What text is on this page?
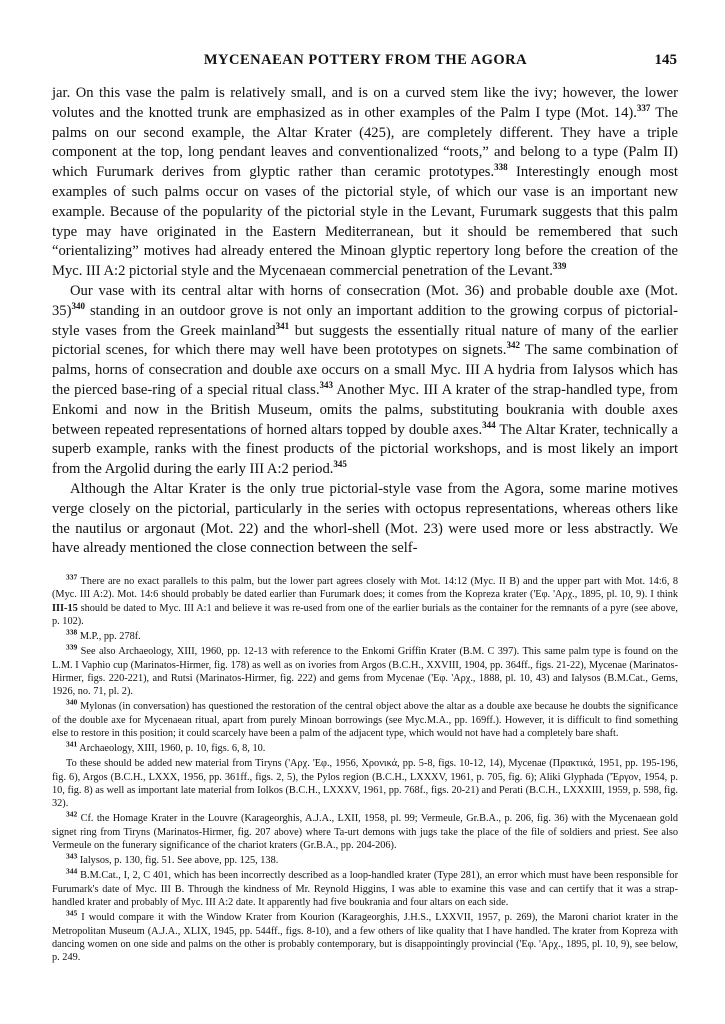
MYCENAEAN POTTERY FROM THE AGORA	145

jar. On this vase the palm is relatively small, and is on a curved stem like the ivy; however, the lower volutes and the knotted trunk are emphasized as in other examples of the Palm I type (Mot. 14).$^{337}$ The palms on our second example, the Altar Krater (425), are completely different. They have a triple component at the top, long pendant leaves and conventionalized “roots,” and belong to a type (Palm II) which Furumark derives from glyptic rather than ceramic prototypes.$^{338}$ Interestingly enough most examples of such palms occur on vases of the pictorial style, of which our vase is an important new example. Because of the popularity of the pictorial style in the Levant, Furumark suggests that this palm type may have originated in the Eastern Mediterranean, but it should be remembered that such “orientalizing” motives had already entered the Minoan glyptic repertory long before the creation of the Myc. III A:2 pictorial style and the Mycenaean commercial penetration of the Levant.$^{339}$

Our vase with its central altar with horns of consecration (Mot. 36) and probable double axe (Mot. 35)$^{340}$ standing in an outdoor grove is not only an important addition to the growing corpus of pictorial-style vases from the Greek mainland$^{341}$ but suggests the essentially ritual nature of many of the earlier pictorial scenes, for which there may well have been prototypes on signets.$^{342}$ The same combination of palms, horns of consecration and double axe occurs on a small Myc. III A hydria from Ialysos which has the pierced base-ring of a special ritual class.$^{343}$ Another Myc. III A krater of the strap-handled type, from Enkomi and now in the British Museum, omits the palms, substituting boukrania with double axes between repeated representations of horned altars topped by double axes.$^{344}$ The Altar Krater, technically a superb example, ranks with the finest products of the pictorial workshops, and is most likely an import from the Argolid during the early III A:2 period.$^{345}$

Although the Altar Krater is the only true pictorial-style vase from the Agora, some marine motives verge closely on the pictorial, particularly in the series with octopus representations, whereas others like the nautilus or argonaut (Mot. 22) and the whorl-shell (Mot. 23) were used more or less abstractly. We have already mentioned the close connection between the self-

$^{337}$ There are no exact parallels to this palm, but the lower part agrees closely with Mot. 14:12 (Myc. II B) and the upper part with Mot. 14:6, 8 (Myc. III A:2). Mot. 14:6 should probably be dated earlier than Furumark does; it comes from the Kopreza krater ('Εφ. 'Αρχ., 1895, pl. 10, 9). I think III-15 should be dated to Myc. III A:1 and believe it was re-used from one of the earlier burials as the container for the remnants of a pyre (see above, p. 102).

$^{338}$ M.P., pp. 278f.

$^{339}$ See also Archaeology, XIII, 1960, pp. 12-13 with reference to the Enkomi Griffin Krater (B.M. C 397). This same palm type is found on the L.M. I Vaphio cup (Marinatos-Hirmer, fig. 178) as well as on ivories from Argos (B.C.H., XXVIII, 1904, pp. 364ff., figs. 21-22), Mycenae (Marinatos-Hirmer, figs. 220-221), and Rutsi (Marinatos-Hirmer, fig. 222) and gems from Mycenae ('Εφ. 'Αρχ., 1888, pl. 10, 43) and Ialysos (B.M.Cat., Gems, 1926, no. 71, pl. 2).

$^{340}$ Mylonas (in conversation) has questioned the restoration of the central object above the altar as a double axe because he doubts the significance of the double axe for Mycenaean ritual, apart from purely Minoan borrowings (see Myc.M.A., pp. 169ff.). However, it is difficult to find something else to restore in this position; it could scarcely have been a palm of the adjacent type, which would not have had a completely bare shaft.

$^{341}$ Archaeology, XIII, 1960, p. 10, figs. 6, 8, 10.

To these should be added new material from Tiryns ('Αρχ. 'Εφ., 1956, Χρονικά, pp. 5-8, figs. 10-12, 14), Mycenae (Πρακτικά, 1951, pp. 195-196, fig. 6), Argos (B.C.H., LXXX, 1956, pp. 361ff., figs. 2, 5), the Pylos region (B.C.H., LXXXV, 1961, p. 705, fig. 6); Aliki Glyphada ('Έργον, 1954, p. 10, fig. 8) as well as important late material from Iolkos (B.C.H., LXXXV, 1961, pp. 768f., figs. 20-21) and Perati (B.C.H., LXXXIII, 1959, p. 598, fig. 32).

$^{342}$ Cf. the Homage Krater in the Louvre (Karageorghis, A.J.A., LXII, 1958, pl. 99; Vermeule, Gr.B.A., p. 206, fig. 36) with the Mycenaean gold signet ring from Tiryns (Marinatos-Hirmer, fig. 207 above) where Ta-urt demons with jugs take the place of the file of soldiers and priest. See also Vermeule on the funerary significance of the chariot kraters (Gr.B.A., pp. 204-206).

$^{343}$ Ialysos, p. 130, fig. 51. See above, pp. 125, 138.

$^{344}$ B.M.Cat., I, 2, C 401, which has been incorrectly described as a loop-handled krater (Type 281), an error which must have been responsible for Furumark's date of Myc. III B. Through the kindness of Mr. Reynold Higgins, I was able to examine this vase and can certify that it was a strap-handled krater and probably of Myc. III A:2 date. It apparently had five boukrania and four altars on each side.

$^{345}$ I would compare it with the Window Krater from Kourion (Karageorghis, J.H.S., LXXVII, 1957, p. 269), the Maroni chariot krater in the Metropolitan Museum (A.J.A., XLIX, 1945, pp. 544ff., figs. 8-10), and a few others of like quality that I have handled. The krater from Kopreza with dancing women on one side and palms on the other is probably contemporary, but is disappointingly provincial ('Εφ. 'Αρχ., 1895, pl. 10, 9), see below, p. 249.
